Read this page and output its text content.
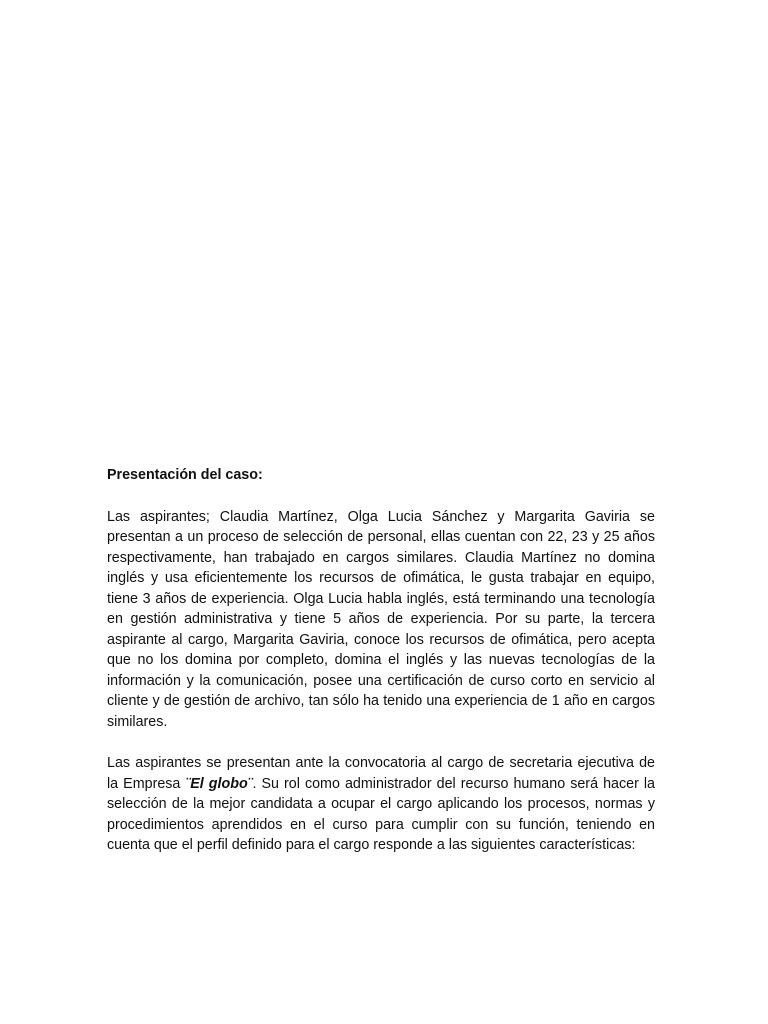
Presentación del caso:

Las aspirantes; Claudia Martínez, Olga Lucia Sánchez y Margarita Gaviria se presentan a un proceso de selección de personal, ellas cuentan con 22, 23 y 25 años respectivamente, han trabajado en cargos similares. Claudia Martínez no domina inglés y usa eficientemente los recursos de ofimática, le gusta trabajar en equipo, tiene 3 años de experiencia. Olga Lucia habla inglés, está terminando una tecnología en gestión administrativa y tiene 5 años de experiencia. Por su parte, la tercera aspirante al cargo, Margarita Gaviria, conoce los recursos de ofimática, pero acepta que no los domina por completo, domina el inglés y las nuevas tecnologías de la información y la comunicación, posee una certificación de curso corto en servicio al cliente y de gestión de archivo, tan sólo ha tenido una experiencia de 1 año en cargos similares.

Las aspirantes se presentan ante la convocatoria al cargo de secretaria ejecutiva de la Empresa ¨El globo¨. Su rol como administrador del recurso humano será hacer la selección de la mejor candidata a ocupar el cargo aplicando los procesos, normas y procedimientos aprendidos en el curso para cumplir con su función, teniendo en cuenta que el perfil definido para el cargo responde a las siguientes características:
